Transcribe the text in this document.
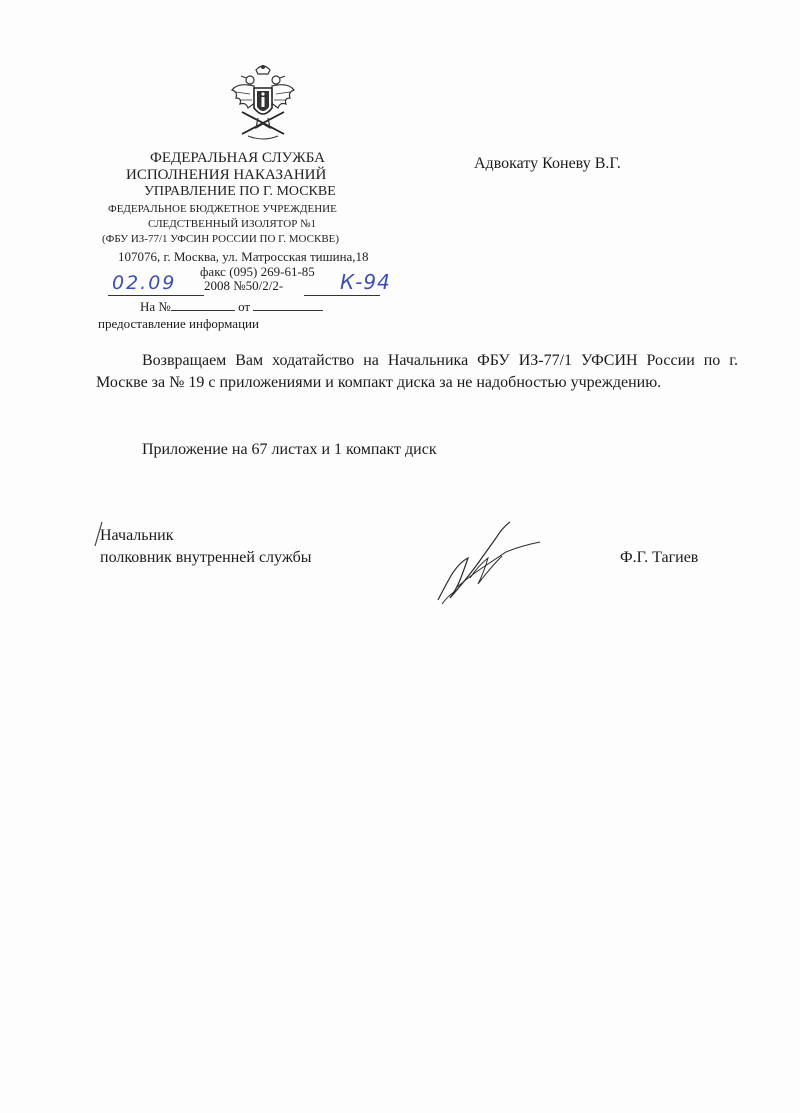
ФЕДЕРАЛЬНАЯ СЛУЖБА
ИСПОЛНЕНИЯ НАКАЗАНИЙ
УПРАВЛЕНИЕ ПО Г. МОСКВЕ
ФЕДЕРАЛЬНОЕ БЮДЖЕТНОЕ УЧРЕЖДЕНИЕ
СЛЕДСТВЕННЫЙ ИЗОЛЯТОР №1
(ФБУ ИЗ-77/1 УФСИН РОССИИ ПО Г. МОСКВЕ)
107076, г. Москва, ул. Матросская тишина,18
факс (095) 269-61-85
02.09 2008 №50/2/2-	К-94
На №	от
предоставление информации
Адвокату Коневу В.Г.

Возвращаем Вам ходатайство на Начальника ФБУ ИЗ-77/1 УФСИН России по г. Москве за № 19 с приложениями и компакт диска за не надобностью учреждению.

Приложение на 67 листах и 1 компакт диск
Начальник
полковник внутренней службы	Ф.Г. Тагиев
